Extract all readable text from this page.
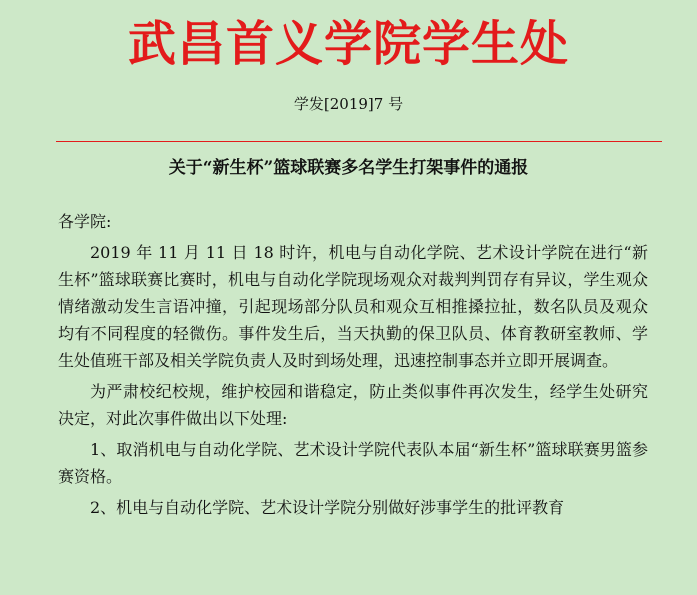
武昌首义学院学生处
学发[2019]7 号
关于“新生杯”篮球联赛多名学生打架事件的通报

各学院:

2019 年 11 月 11 日 18 时许，机电与自动化学院、艺术设计学院在进行“新生杯”篮球联赛比赛时，机电与自动化学院现场观众对裁判判罚存有异议，学生观众情绪激动发生言语冲撞，引起现场部分队员和观众互相推搡拉扯，数名队员及观众均有不同程度的轻微伤。事件发生后，当天执勤的保卫队员、体育教研室教师、学生处值班干部及相关学院负责人及时到场处理，迅速控制事态并立即开展调查。

为严肃校纪校规，维护校园和谐稳定，防止类似事件再次发生，经学生处研究决定，对此次事件做出以下处理:

1、取消机电与自动化学院、艺术设计学院代表队本届“新生杯”篮球联赛男篮参赛资格。

2、机电与自动化学院、艺术设计学院分别做好涉事学生的批评教育
